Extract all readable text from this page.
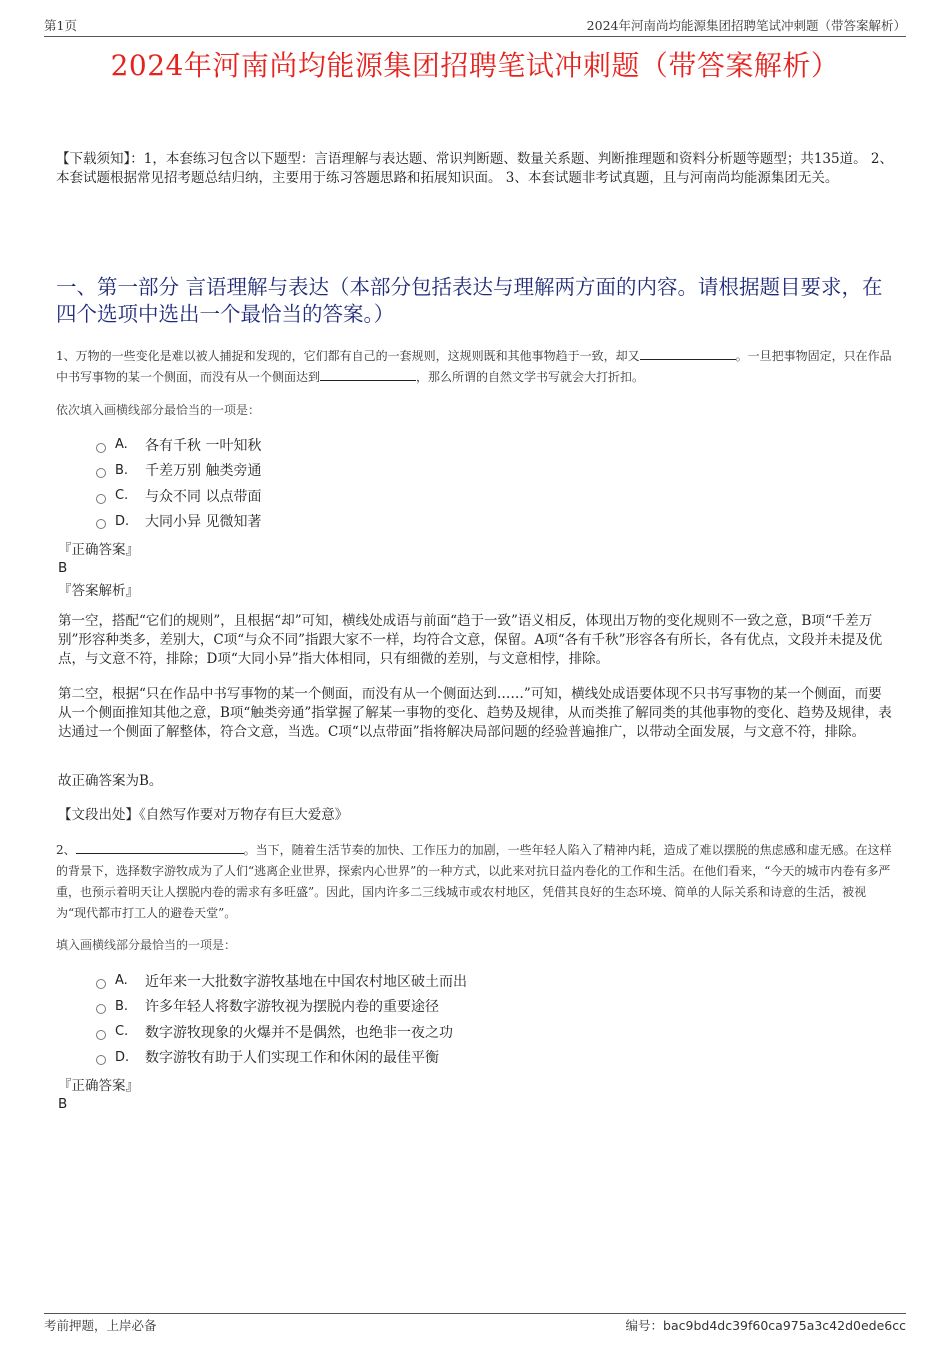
第1页	2024年河南尚均能源集团招聘笔试冲刺题（带答案解析）
2024年河南尚均能源集团招聘笔试冲刺题（带答案解析）

【下载须知】：1，本套练习包含以下题型：言语理解与表达题、常识判断题、数量关系题、判断推理题和资料分析题等题型；共135道。 2、本套试题根据常见招考题总结归纳，主要用于练习答题思路和拓展知识面。 3、本套试题非考试真题，且与河南尚均能源集团无关。

一、第一部分 言语理解与表达（本部分包括表达与理解两方面的内容。请根据题目要求，在四个选项中选出一个最恰当的答案。）

1、万物的一些变化是难以被人捕捉和发现的，它们都有自己的一套规则，这规则既和其他事物趋于一致，却又	。一旦把事物固定，只在作品中书写事物的某一个侧面，而没有从一个侧面达到	，那么所谓的自然文学书写就会大打折扣。

依次填入画横线部分最恰当的一项是：

A.	各有千秋 一叶知秋
B.	千差万别 触类旁通
C.	与众不同 以点带面
D.	大同小异 见微知著

『正确答案』

B

『答案解析』

第一空，搭配“它们的规则”，且根据“却”可知，横线处成语与前面“趋于一致”语义相反，体现出万物的变化规则不一致之意，B项“千差万别”形容种类多，差别大，C项“与众不同”指跟大家不一样，均符合文意，保留。A项“各有千秋”形容各有所长，各有优点，文段并未提及优点，与文意不符，排除；D项“大同小异”指大体相同，只有细微的差别，与文意相悖，排除。

第二空，根据“只在作品中书写事物的某一个侧面，而没有从一个侧面达到……”可知，横线处成语要体现不只书写事物的某一个侧面，而要从一个侧面推知其他之意，B项“触类旁通”指掌握了解某一事物的变化、趋势及规律，从而类推了解同类的其他事物的变化、趋势及规律，表达通过一个侧面了解整体，符合文意，当选。C项“以点带面”指将解决局部问题的经验普遍推广，以带动全面发展，与文意不符，排除。

故正确答案为B。

【文段出处】《自然写作要对万物存有巨大爱意》

2、	。当下，随着生活节奏的加快、工作压力的加剧，一些年轻人陷入了精神内耗，造成了难以摆脱的焦虑感和虚无感。在这样的背景下，选择数字游牧成为了人们“逃离企业世界，探索内心世界”的一种方式，以此来对抗日益内卷化的工作和生活。在他们看来，“今天的城市内卷有多严重，也预示着明天让人摆脱内卷的需求有多旺盛”。因此，国内许多二三线城市或农村地区，凭借其良好的生态环境、简单的人际关系和诗意的生活，被视为“现代都市打工人的避卷天堂”。

填入画横线部分最恰当的一项是：

A.	近年来一大批数字游牧基地在中国农村地区破土而出
B.	许多年轻人将数字游牧视为摆脱内卷的重要途径
C.	数字游牧现象的火爆并不是偶然，也绝非一夜之功
D.	数字游牧有助于人们实现工作和休闲的最佳平衡

『正确答案』

B

考前押题，上岸必备	编号：bac9bd4dc39f60ca975a3c42d0ede6cc
